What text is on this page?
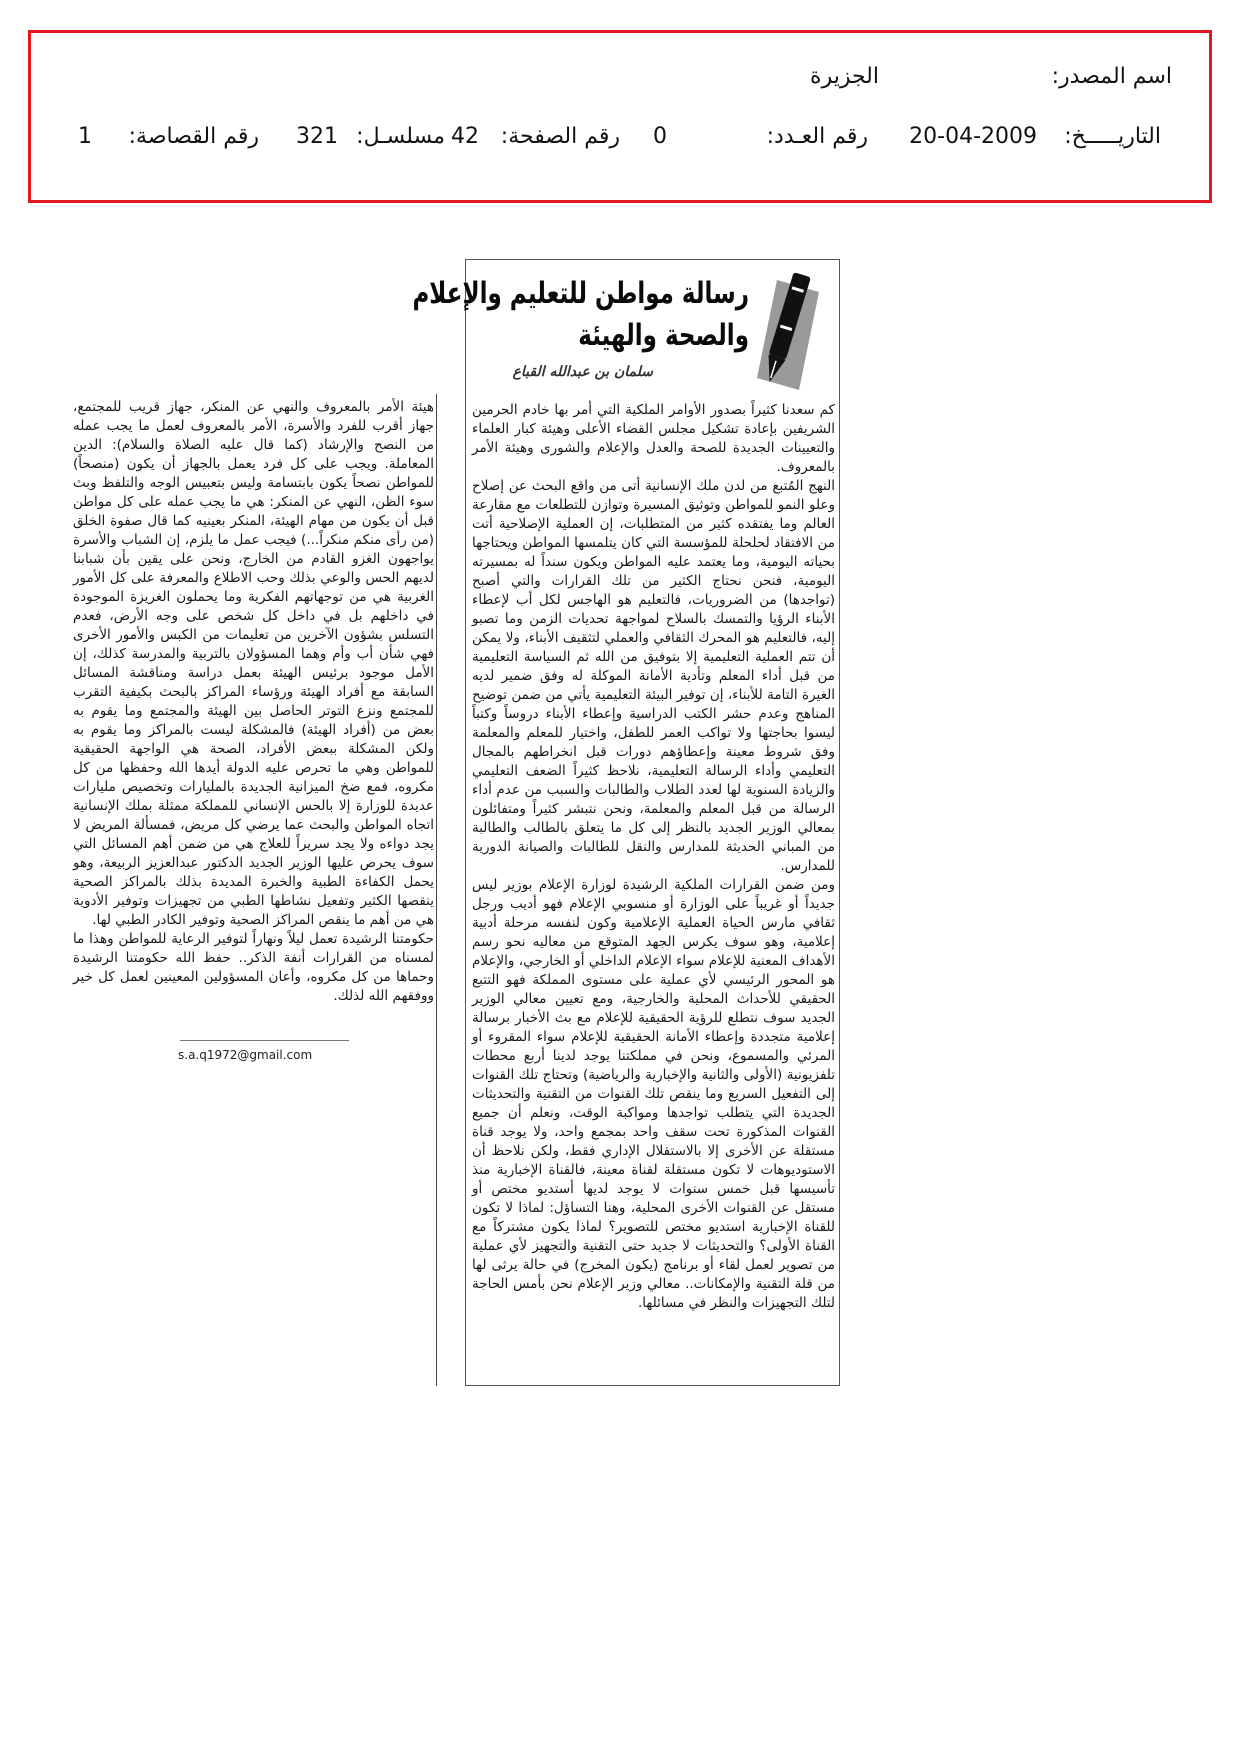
اسم المصدر:
الجزيرة
التاريـــــخ:
20-04-2009
رقم العـدد:
0
رقم الصفحة:
42
مسلسـل:
321
رقم القصاصة:
1
رسالة مواطن للتعليم والإعلام
والصحة والهيئة
سلمان بن عبدالله القباع

كم سعدنا كثيراً بصدور الأوامر الملكية التي أمر بها خادم الحرمين الشريفين بإعادة تشكيل مجلس القضاء الأعلى وهيئة كبار العلماء والتعيينات الجديدة للصحة والعدل والإعلام والشورى وهيئة الأمر بالمعروف.

النهج المُتبع من لدن ملك الإنسانية أتى من واقع البحث عن إصلاح وعلو النمو للمواطن وتوثيق المسيرة وتوازن للتطلعات مع مقارعة العالم وما يفتقده كثير من المتطلبات، إن العملية الإصلاحية أتت من الافتقاد لحلحلة للمؤسسة التي كان يتلمسها المواطن ويحتاجها بحياته اليومية، وما يعتمد عليه المواطن ويكون سنداً له بمسيرته اليومية، فنحن نحتاج الكثير من تلك القرارات والتي أصبح (تواجدها) من الضروريات، فالتعليم هو الهاجس لكل أب لإعطاء الأبناء الرؤيا والتمسك بالسلاح لمواجهة تحديات الزمن وما تصبو إليه، فالتعليم هو المحرك الثقافي والعملي لتثقيف الأبناء، ولا يمكن أن تتم العملية التعليمية إلا بتوفيق من الله ثم السياسة التعليمية من قبل أداء المعلم وتأدية الأمانة الموكلة له وفق ضمير لديه الغيرة التامة للأبناء، إن توفير البيئة التعليمية يأتي من ضمن توضيح المناهج وعدم حشر الكتب الدراسية وإعطاء الأبناء دروساً وكتباً ليسوا بحاجتها ولا تواكب العمر للطفل، واختيار للمعلم والمعلمة وفق شروط معينة وإعطاؤهم دورات قبل انخراطهم بالمجال التعليمي وأداء الرسالة التعليمية، نلاحظ كثيراً الضعف التعليمي والزيادة السنوية لها لعدد الطلاب والطالبات والسبب من عدم أداء الرسالة من قبل المعلم والمعلمة، ونحن نتبشر كثيراً ومتفائلون بمعالي الوزير الجديد بالنظر إلى كل ما يتعلق بالطالب والطالبة من المباني الحديثة للمدارس والنقل للطالبات والصيانة الدورية للمدارس.

ومن ضمن القرارات الملكية الرشيدة لوزارة الإعلام بوزير ليس جديداً أو غريباً على الوزارة أو منسوبي الإعلام فهو أديب ورجل ثقافي مارس الحياة العملية الإعلامية وكون لنفسه مرحلة أدبية إعلامية، وهو سوف يكرس الجهد المتوقع من معاليه نحو رسم الأهداف المعنية للإعلام سواء الإعلام الداخلي أو الخارجي، والإعلام هو المحور الرئيسي لأي عملية على مستوى المملكة فهو التتبع الحقيقي للأحداث المحلية والخارجية، ومع تعيين معالي الوزير الجديد سوف نتطلع للرؤية الحقيقية للإعلام مع بث الأخبار برسالة إعلامية متجددة وإعطاء الأمانة الحقيقية للإعلام سواء المقروء أو المرئي والمسموع، ونحن في مملكتنا يوجد لدينا أربع محطات تلفزيونية (الأولى والثانية والإخبارية والرياضية) وتحتاج تلك القنوات إلى التفعيل السريع وما ينقص تلك القنوات من التقنية والتحديثات الجديدة التي يتطلب تواجدها ومواكبة الوقت، ونعلم أن جميع القنوات المذكورة تحت سقف واحد بمجمع واحد، ولا يوجد قناة مستقلة عن الأخرى إلا بالاستقلال الإداري فقط، ولكن نلاحظ أن الاستوديوهات لا تكون مستقلة لقناة معينة، فالقناة الإخبارية منذ تأسيسها قبل خمس سنوات لا يوجد لديها أستديو مختص أو مستقل عن القنوات الأخرى المحلية، وهنا التساؤل: لماذا لا تكون للقناة الإخبارية استديو مختص للتصوير؟ لماذا يكون مشتركاً مع القناة الأولى؟ والتحديثات لا جديد حتى التقنية والتجهيز لأي عملية من تصوير لعمل لقاء أو برنامج (يكون المخرج) في حالة يرثى لها من قلة التقنية والإمكانات.. معالي وزير الإعلام نحن بأمس الحاجة لتلك التجهيزات والنظر في مسائلها.

هيئة الأمر بالمعروف والنهي عن المنكر، جهاز قريب للمجتمع، جهاز أقرب للفرد والأسرة، الأمر بالمعروف لعمل ما يجب عمله من النصح والإرشاد (كما قال عليه الصلاة والسلام): الدين المعاملة. ويجب على كل فرد يعمل بالجهاز أن يكون (منصحاً) للمواطن نصحاً يكون بابتسامة وليس بتعبيس الوجه والتلفظ وبث سوء الظن، النهي عن المنكر: هي ما يجب عمله على كل مواطن قبل أن يكون من مهام الهيئة، المنكر بعينيه كما قال صفوة الخلق (من رأى منكم منكراً...) فيجب عمل ما يلزم، إن الشباب والأسرة يواجهون الغزو القادم من الخارج، ونحن على يقين بأن شبابنا لديهم الحس والوعي بذلك وحب الاطلاع والمعرفة على كل الأمور الغربية هي من توجهاتهم الفكرية وما يحملون الغريزة الموجودة في داخلهم بل في داخل كل شخص على وجه الأرض، فعدم التسلس بشؤون الآخرين من تعليمات من الكبس والأمور الأخرى فهي شأن أب وأم وهما المسؤولان بالتربية والمدرسة كذلك، إن الأمل موجود برئيس الهيئة بعمل دراسة ومناقشة المسائل السابقة مع أفراد الهيئة ورؤساء المراكز بالبحث بكيفية التقرب للمجتمع ونزع التوتر الحاصل بين الهيئة والمجتمع وما يقوم به بعض من (أفراد الهيئة) فالمشكلة ليست بالمراكز وما يقوم به ولكن المشكلة ببعض الأفراد، الصحة هي الواجهة الحقيقية للمواطن وهي ما تحرص عليه الدولة أيدها الله وحفظها من كل مكروه، فمع ضخ الميزانية الجديدة بالمليارات وتخصيص مليارات عديدة للوزارة إلا بالحس الإنساني للمملكة ممثلة بملك الإنسانية اتجاه المواطن والبحث عما يرضي كل مريض، فمسألة المريض لا يجد دواءه ولا يجد سريراً للعلاج هي من ضمن أهم المسائل التي سوف يحرص عليها الوزير الجديد الدكتور عبدالعزيز الربيعة، وهو يحمل الكفاءة الطبية والخبرة المديدة بذلك بالمراكز الصحية ينقصها الكثير وتفعيل نشاطها الطبي من تجهيزات وتوفير الأدوية هي من أهم ما ينقص المراكز الصحية وتوفير الكادر الطبي لها.

حكومتنا الرشيدة تعمل ليلاً ونهاراً لتوفير الرعاية للمواطن وهذا ما لمسناه من القرارات أنفة الذكر.. حفظ الله حكومتنا الرشيدة وحماها من كل مكروه، وأعان المسؤولين المعينين لعمل كل خير ووفقهم الله لذلك.

s.a.q1972@gmail.com
